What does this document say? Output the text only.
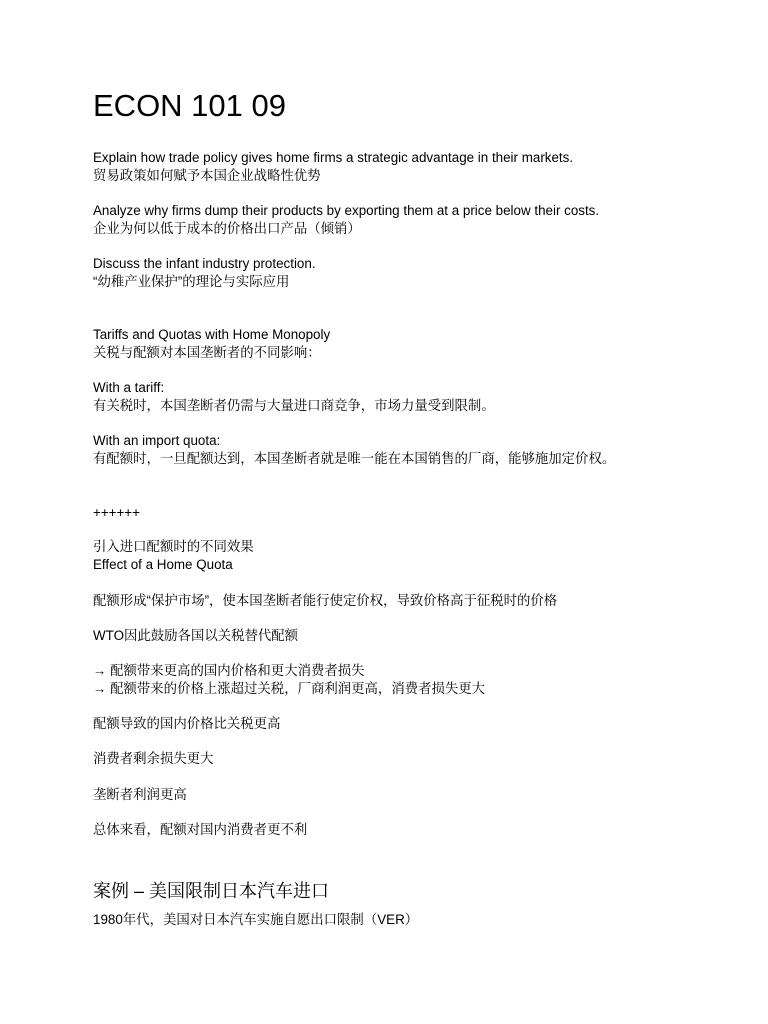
ECON 101 09
Explain how trade policy gives home firms a strategic advantage in their markets.
贸易政策如何赋予本国企业战略性优势
Analyze why firms dump their products by exporting them at a price below their costs.
企业为何以低于成本的价格出口产品（倾销）
Discuss the infant industry protection.
“幼稚产业保护”的理论与实际应用
Tariffs and Quotas with Home Monopoly
关税与配额对本国垄断者的不同影响：
With a tariff:
有关税时，本国垄断者仍需与大量进口商竞争，市场力量受到限制。
With an import quota:
有配额时，一旦配额达到，本国垄断者就是唯一能在本国销售的厂商，能够施加定价权。
++++++
引入进口配额时的不同效果
Effect of a Home Quota
配额形成“保护市场”，使本国垄断者能行使定价权，导致价格高于征税时的价格
WTO因此鼓励各国以关税替代配额
→ 配额带来更高的国内价格和更大消费者损失
→ 配额带来的价格上涨超过关税，厂商利润更高，消费者损失更大
配额导致的国内价格比关税更高
消费者剩余损失更大
垄断者利润更高
总体来看，配额对国内消费者更不利
案例 – 美国限制日本汽车进口
1980年代，美国对日本汽车实施自愿出口限制（VER）
